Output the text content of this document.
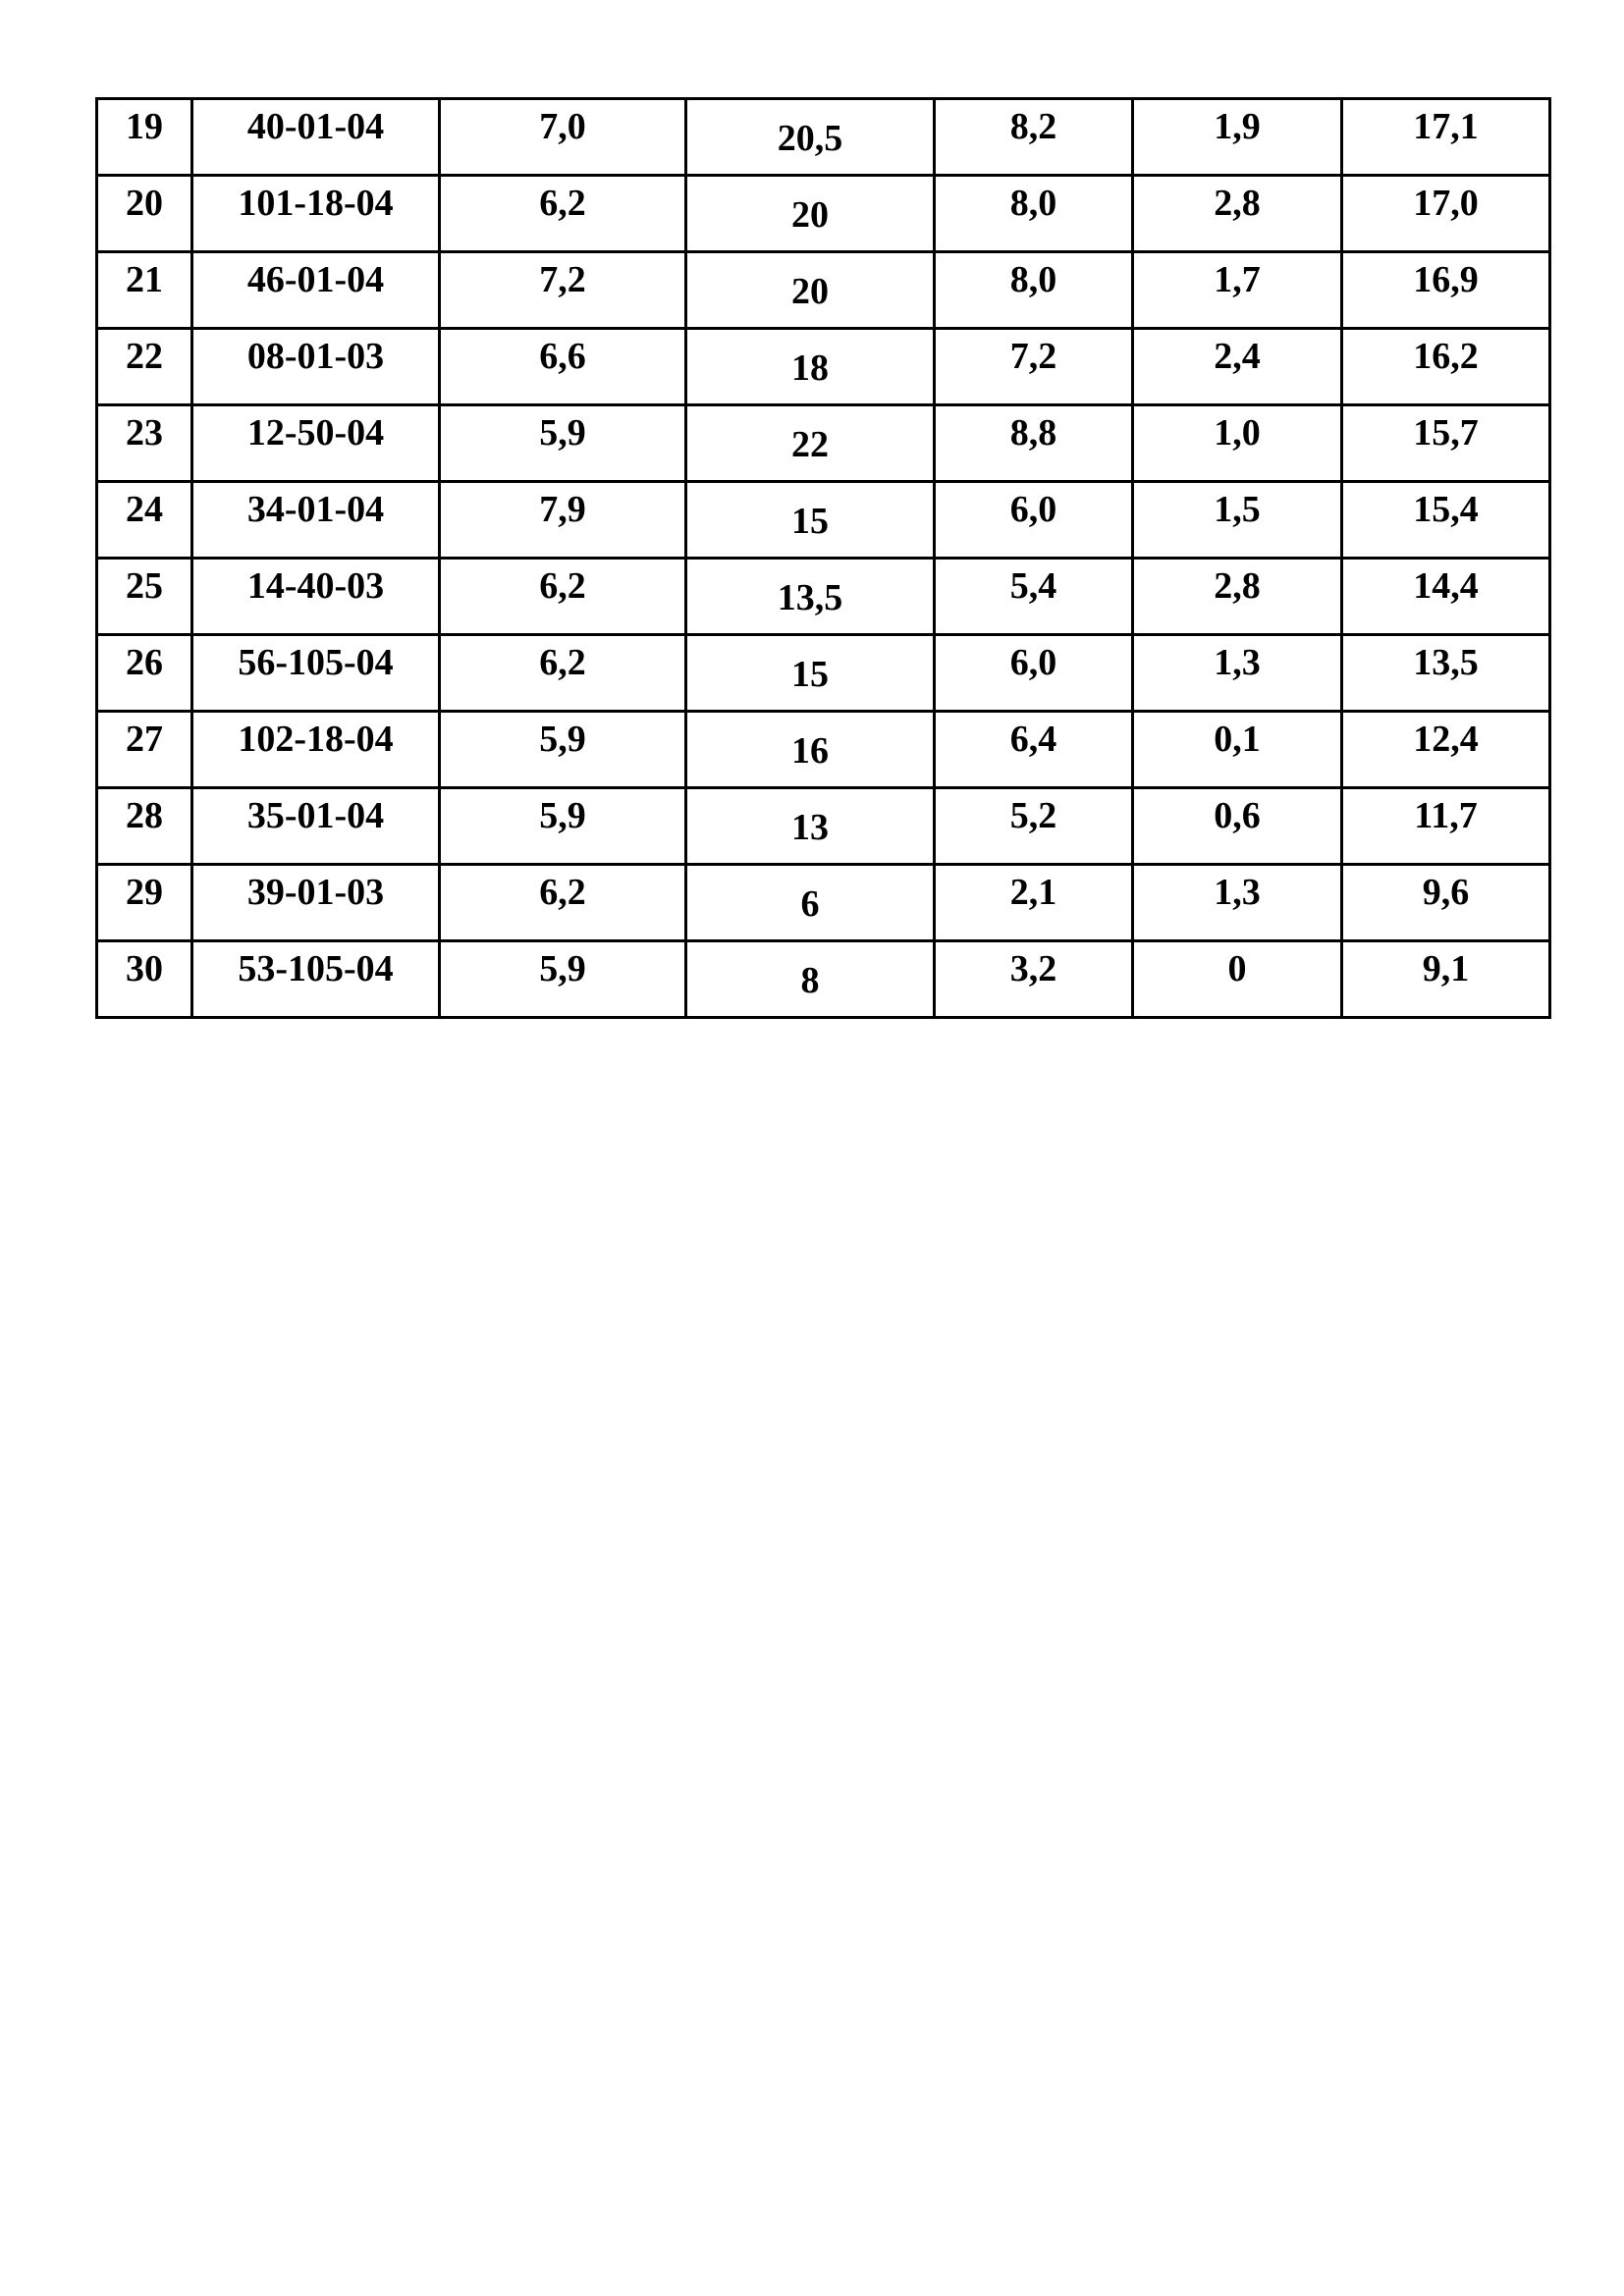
19	40-01-04	7,0	20,5	8,2	1,9	17,1

20	101-18-04	6,2	20	8,0	2,8	17,0

21	46-01-04	7,2	20	8,0	1,7	16,9

22	08-01-03	6,6	18	7,2	2,4	16,2

23	12-50-04	5,9	22	8,8	1,0	15,7

24	34-01-04	7,9	15	6,0	1,5	15,4

25	14-40-03	6,2	13,5	5,4	2,8	14,4

26	56-105-04	6,2	15	6,0	1,3	13,5

27	102-18-04	5,9	16	6,4	0,1	12,4

28	35-01-04	5,9	13	5,2	0,6	11,7

29	39-01-03	6,2	6	2,1	1,3	9,6

30	53-105-04	5,9	8	3,2	0	9,1
